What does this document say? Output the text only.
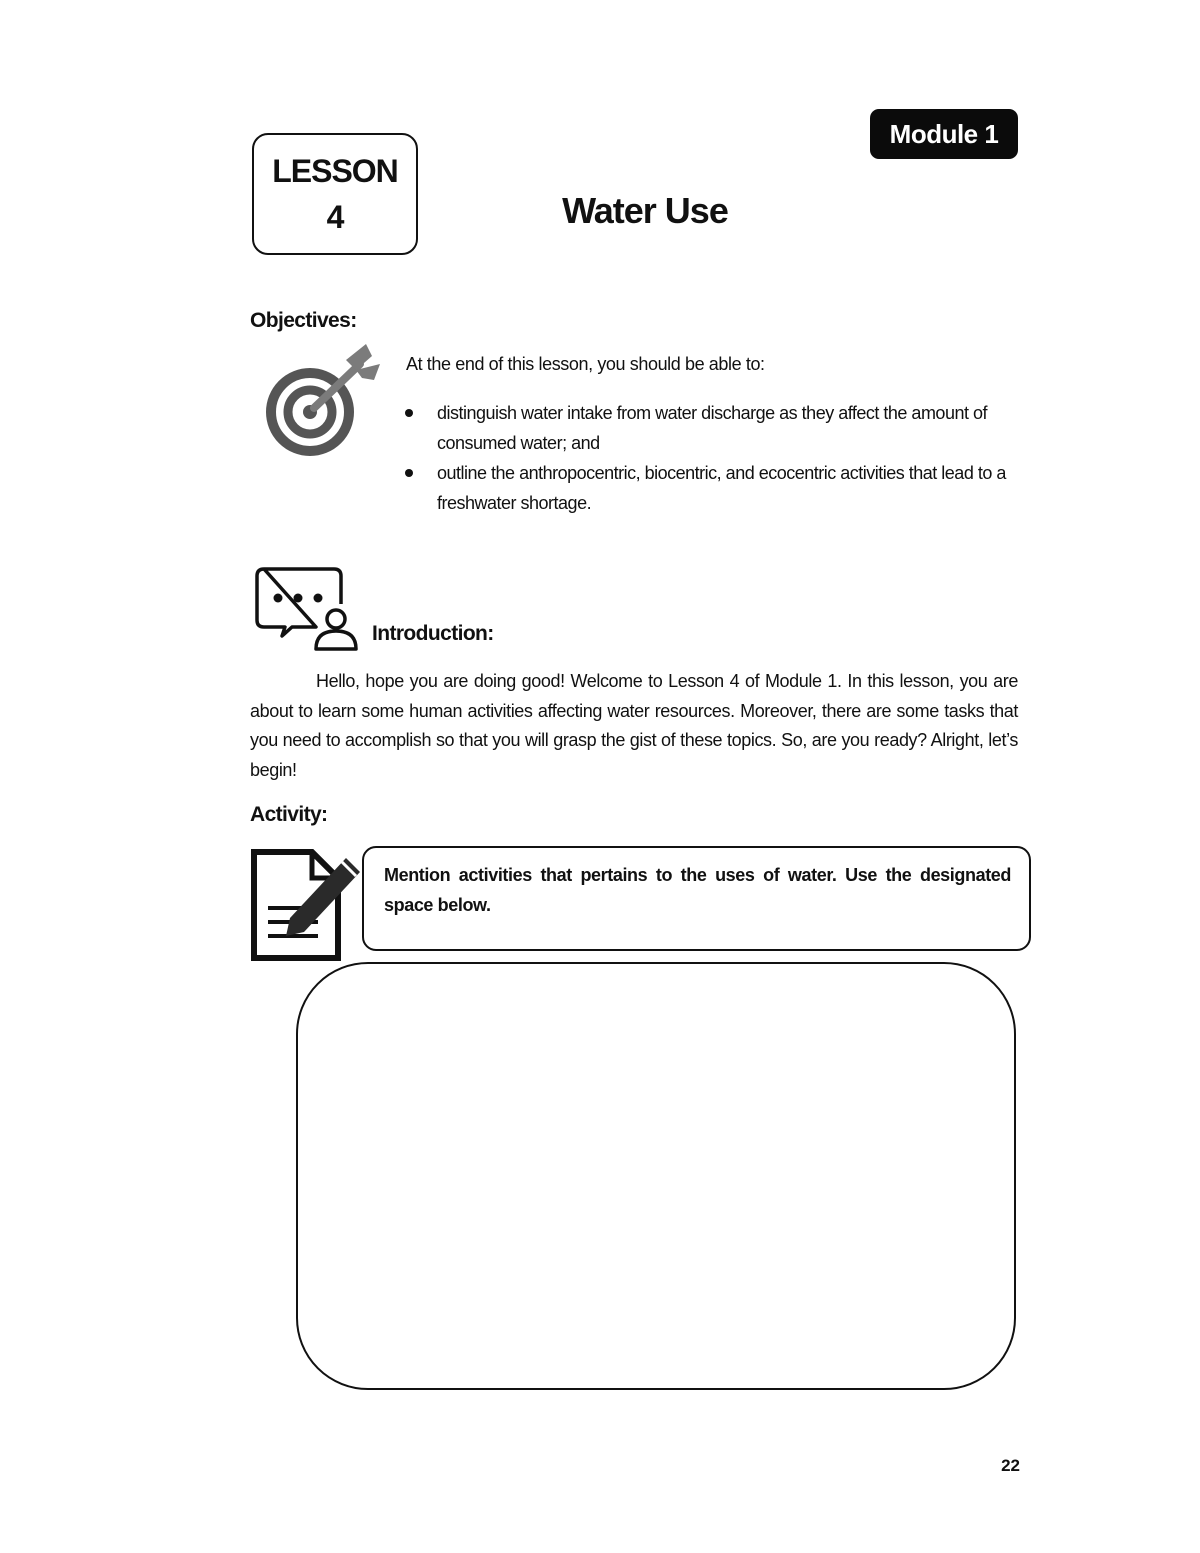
Module 1
LESSON
4	Water Use
Objectives:
At the end of this lesson, you should be able to:
distinguish water intake from water discharge as they affect the amount of consumed water; and
outline the anthropocentric, biocentric, and ecocentric activities that lead to a freshwater shortage.
Introduction:

Hello, hope you are doing good! Welcome to Lesson 4 of Module 1. In this lesson, you are about to learn some human activities affecting water resources. Moreover, there are some tasks that you need to accomplish so that you will grasp the gist of these topics. So, are you ready? Alright, let’s begin!

Activity:
Mention activities that pertains to the uses of water. Use the designated space below.
22
